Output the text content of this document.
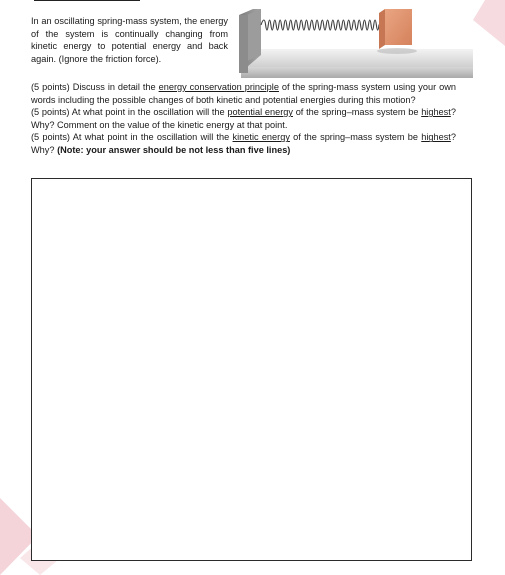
In an oscillating spring-mass system, the energy of the system is continually changing from kinetic energy to potential energy and back again. (Ignore the friction force).

(5 points) Discuss in detail the energy conservation principle of the spring-mass system using your own words including the possible changes of both kinetic and potential energies during this motion?

(5 points) At what point in the oscillation will the potential energy of the spring–mass system be highest? Why? Comment on the value of the kinetic energy at that point.

(5 points) At what point in the oscillation will the kinetic energy of the spring–mass system be highest? Why? (Note: your answer should be not less than five lines)
